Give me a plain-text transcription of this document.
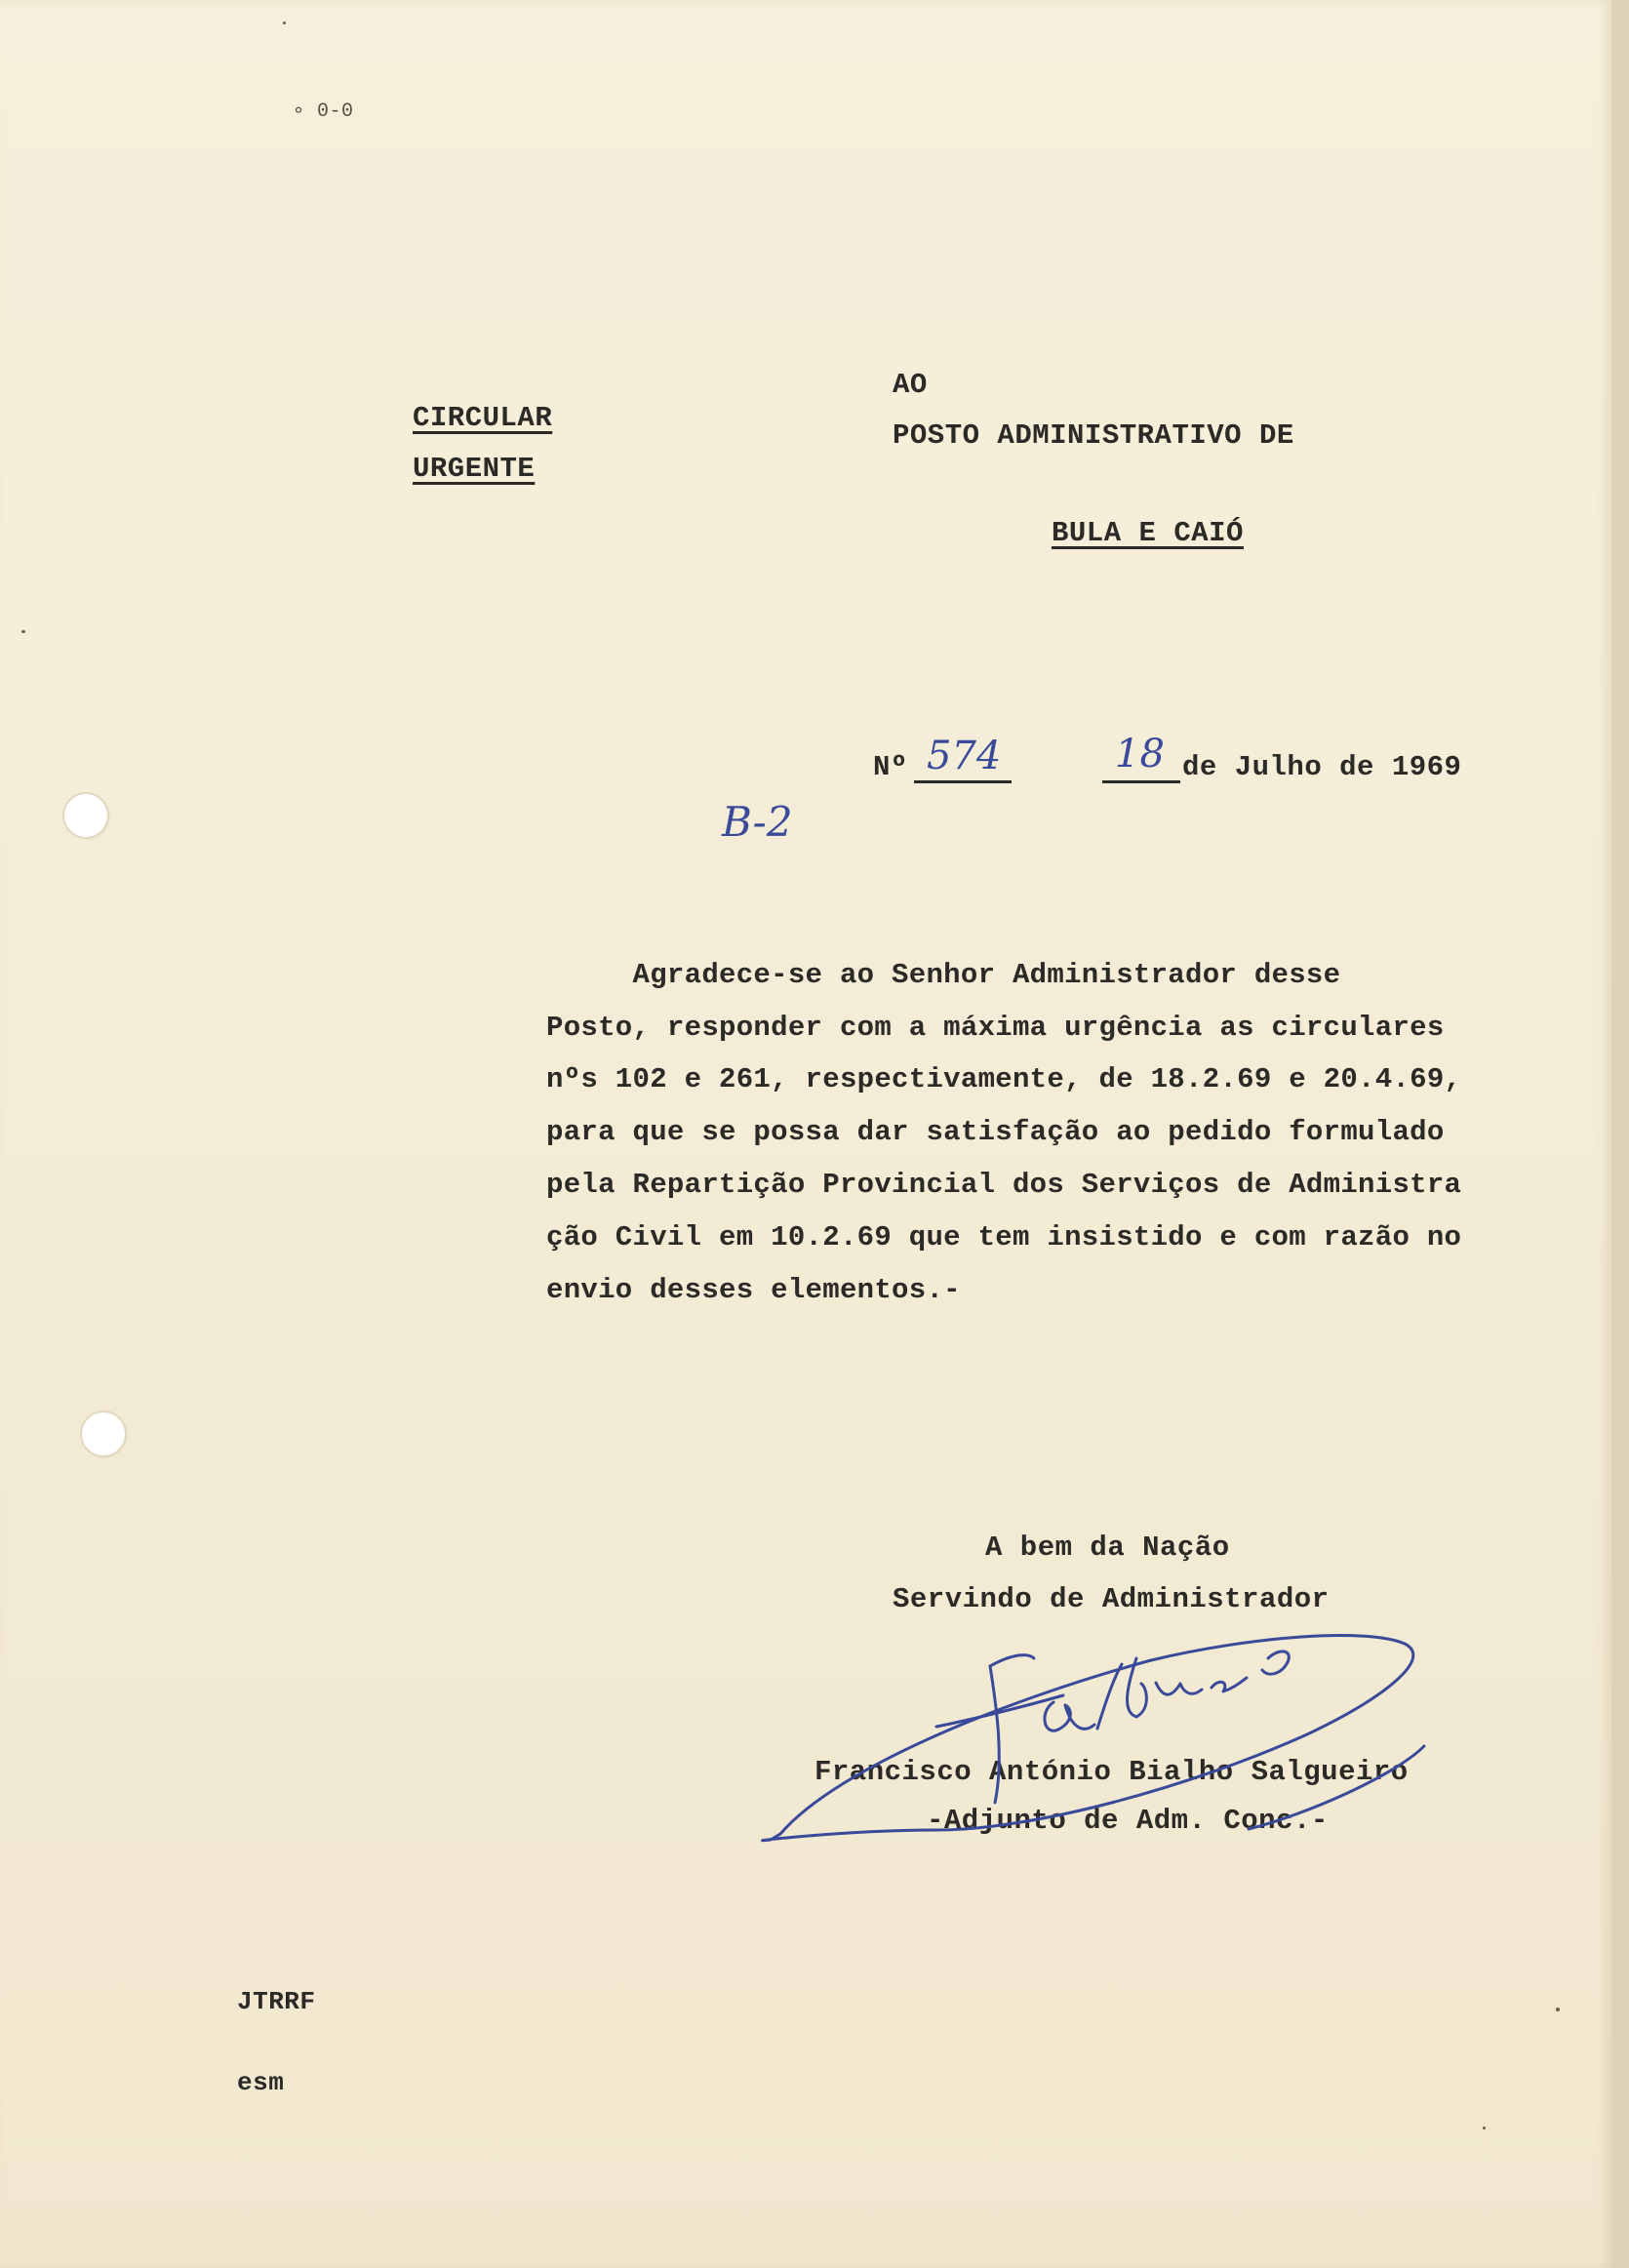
∘ 0-0
CIRCULAR
URGENTE
AO
POSTO ADMINISTRATIVO DE
BULA E CAIÓ
Nº 574	18 de Julho de 1969
B-2
Agradece-se ao Senhor Administrador desse
Posto, responder com a máxima urgência as circulares
nºs 102 e 261, respectivamente, de 18.2.69 e 20.4.69,
para que se possa dar satisfação ao pedido formulado
pela Repartição Provincial dos Serviços de Administra
ção Civil em 10.2.69 que tem insistido e com razão no
envio desses elementos.-
A bem da Nação
Servindo de Administrador
Francisco António Bialho Salgueiro
-Adjunto de Adm. Conc.-
JTRRF
esm
